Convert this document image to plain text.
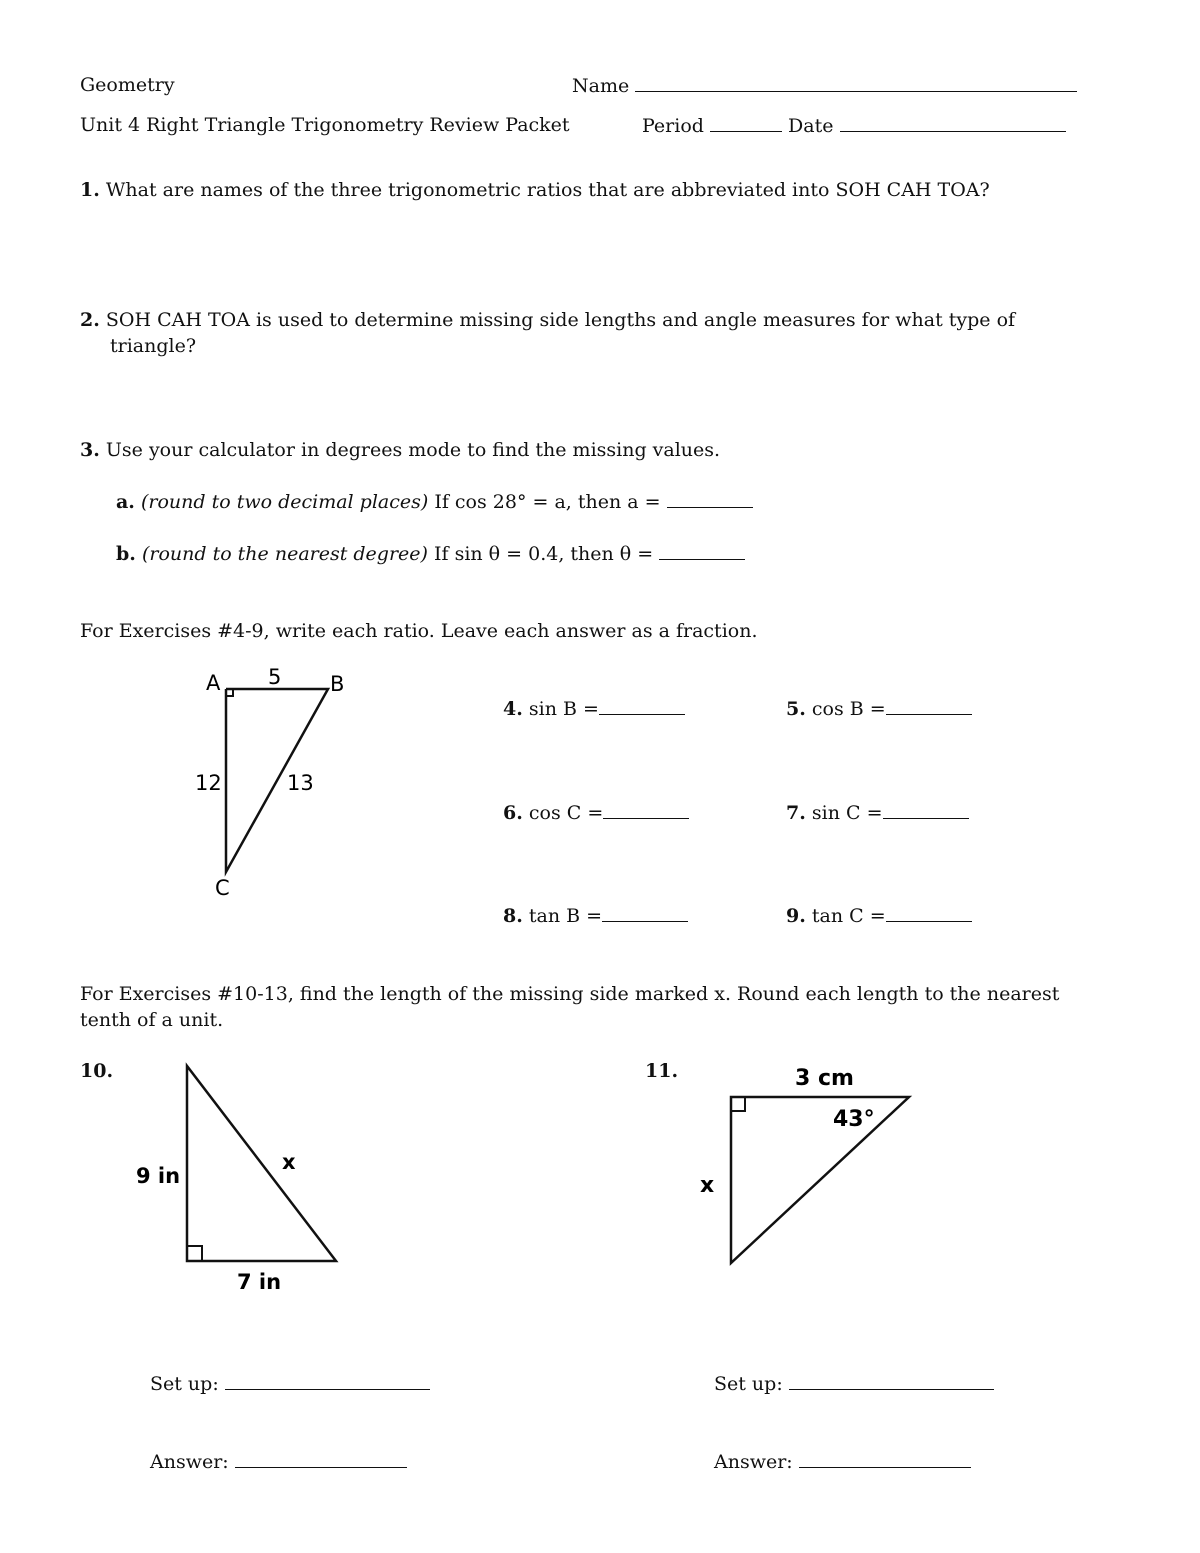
Geometry	Name
Unit 4 Right Triangle Trigonometry Review Packet	Period	Date
1. What are names of the three trigonometric ratios that are abbreviated into SOH CAH TOA?
2. SOH CAH TOA is used to determine missing side lengths and angle measures for what type of
triangle?
3. Use your calculator in degrees mode to find the missing values.
a. (round to two decimal places) If cos 28° = a, then a =
b. (round to the nearest degree) If sin θ = 0.4, then θ =
For Exercises #4-9, write each ratio. Leave each answer as a fraction.
A	B
C
5
12	13
4. sin B =	5. cos B =
6. cos C =	7. sin C =
8. tan B =	9. tan C =
For Exercises #10-13, find the length of the missing side marked x. Round each length to the nearest
tenth of a unit.
10.
9 in
7 in
x
Set up:
Answer:
11.	3 cm
43°
x
Set up:
Answer:
